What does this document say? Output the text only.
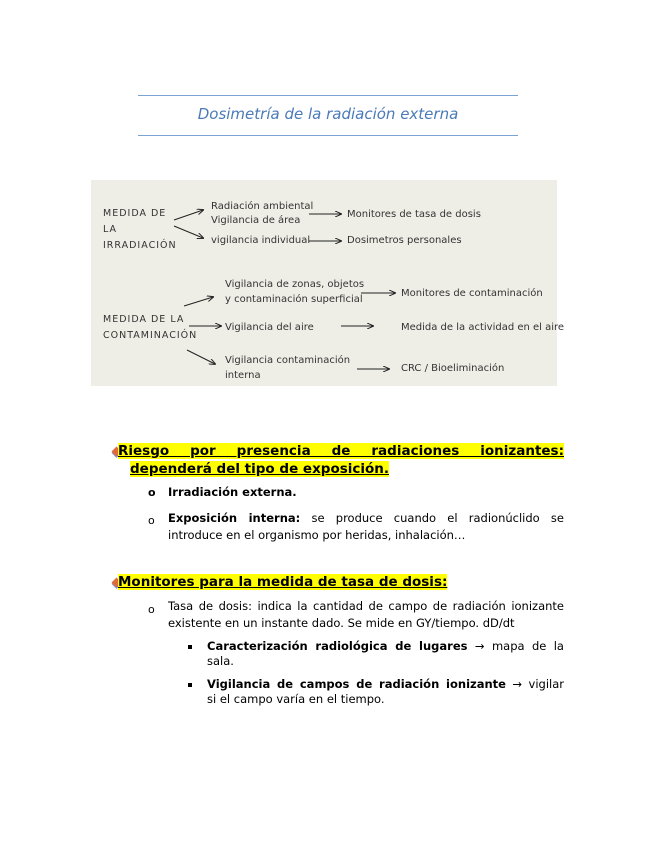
Dosimetría de la radiación externa
MEDIDA DE
LA
IRRADIACIÓN
Radiación ambiental
Vigilancia de área
vigilancia individual
Monitores de tasa de dosis
Dosimetros personales
MEDIDA DE LA
CONTAMINACIÓN
Vigilancia de zonas, objetos
y contaminación superficial
Monitores de contaminación
Vigilancia del aire	Medida de la actividad en el aire
Vigilancia contaminación
interna
CRC / Bioeliminación
Riesgo por presencia de radiaciones ionizantes:
dependerá del tipo de exposición.
o Irradiación externa.
o Exposición interna: se produce cuando el radionúclido se
introduce en el organismo por heridas, inhalación…
Monitores para la medida de tasa de dosis:
o Tasa de dosis: indica la cantidad de campo de radiación ionizante
existente en un instante dado. Se mide en GY/tiempo. dD/dt
Caracterización radiológica de lugares → mapa de la
sala.
Vigilancia de campos de radiación ionizante → vigilar
si el campo varía en el tiempo.
